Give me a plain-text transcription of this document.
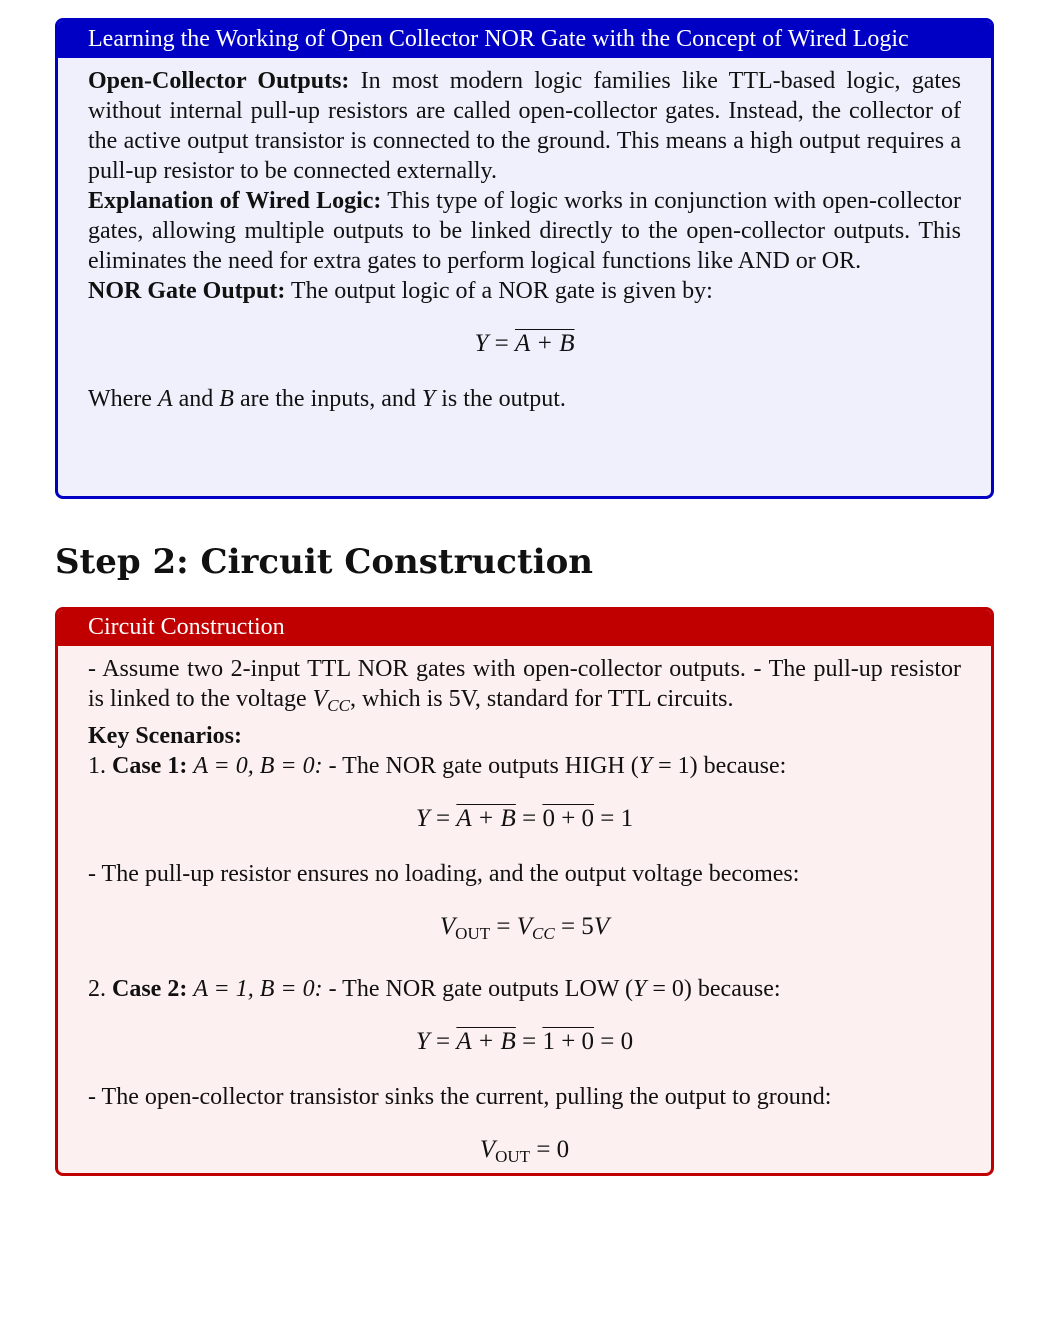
Learning the Working of Open Collector NOR Gate with the Concept of Wired Logic

Open-Collector Outputs: In most modern logic families like TTL-based logic, gates without internal pull-up resistors are called open-collector gates. Instead, the collector of the active output transistor is connected to the ground. This means a high output requires a pull-up resistor to be connected externally.

Explanation of Wired Logic: This type of logic works in conjunction with open-collector gates, allowing multiple outputs to be linked directly to the open-collector outputs. This eliminates the need for extra gates to perform logical functions like AND or OR.

NOR Gate Output: The output logic of a NOR gate is given by:

Y = A + B

Where A and B are the inputs, and Y is the output.

Step 2: Circuit Construction
Circuit Construction

- Assume two 2-input TTL NOR gates with open-collector outputs. - The pull-up resistor is linked to the voltage $V_{CC}$, which is 5V, standard for TTL circuits.

Key Scenarios:

1. Case 1: A = 0, B = 0: - The NOR gate outputs HIGH (Y = 1) because:

Y = A + B = 0 + 0 = 1

- The pull-up resistor ensures no loading, and the output voltage becomes:

$V_{OUT} = V_{CC} = 5V$

2. Case 2: A = 1, B = 0: - The NOR gate outputs LOW (Y = 0) because:

Y = A + B = 1 + 0 = 0

- The open-collector transistor sinks the current, pulling the output to ground:

$V_{OUT} = 0$
